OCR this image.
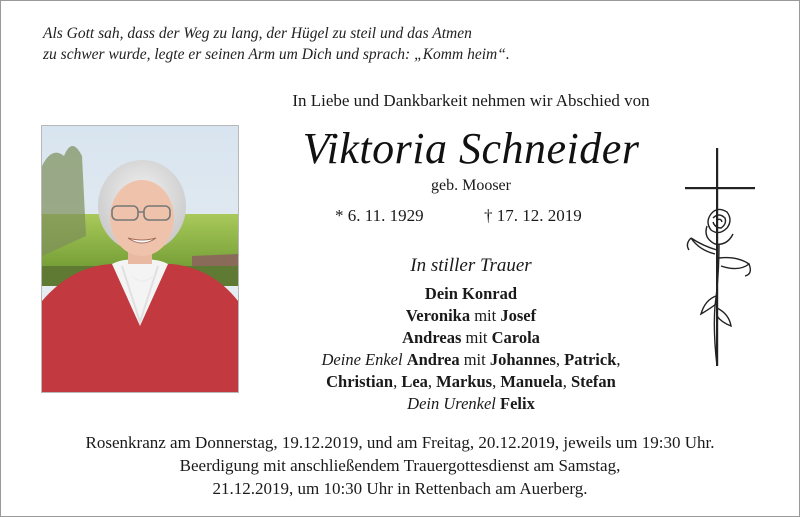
Als Gott sah, dass der Weg zu lang, der Hügel zu steil und das Atmen
zu schwer wurde, legte er seinen Arm um Dich und sprach: „Komm heim“.
In Liebe und Dankbarkeit nehmen wir Abschied von
Viktoria Schneider
geb. Mooser
* 6. 11. 1929	† 17. 12. 2019
In stiller Trauer
Dein Konrad
Veronika mit Josef
Andreas mit Carola
Deine Enkel Andrea mit Johannes, Patrick,
Christian, Lea, Markus, Manuela, Stefan
Dein Urenkel Felix
Rosenkranz am Donnerstag, 19.12.2019, und am Freitag, 20.12.2019, jeweils um 19:30 Uhr.
Beerdigung mit anschließendem Trauergottesdienst am Samstag,
21.12.2019, um 10:30 Uhr in Rettenbach am Auerberg.
